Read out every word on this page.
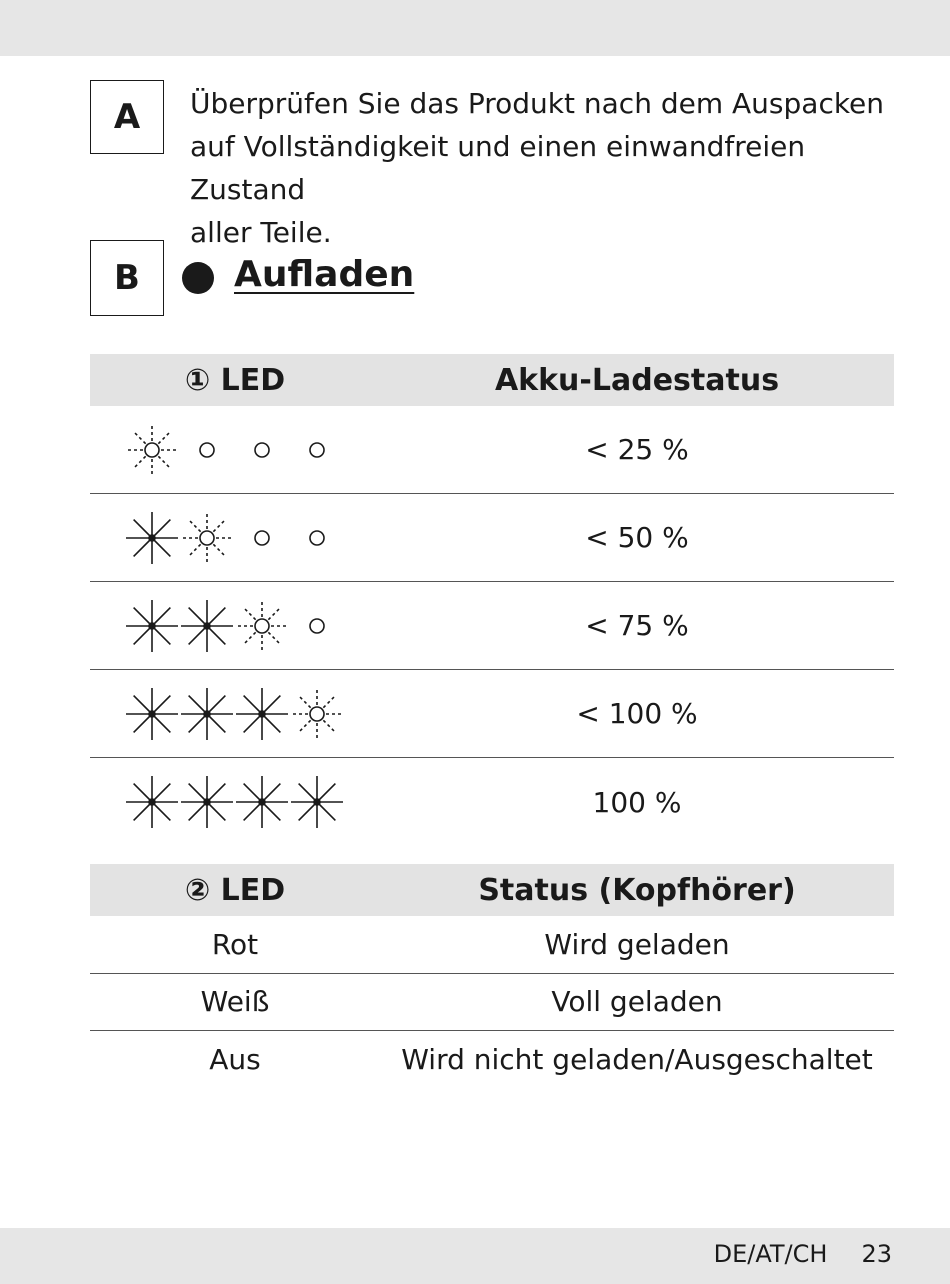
A Überprüfen Sie das Produkt nach dem Auspacken
auf Vollständigkeit und einen einwandfreien Zustand
aller Teile.
B	Aufladen
① LED	Akku-Ladestatus
< 25 %
< 50 %
< 75 %
< 100 %
100 %
② LED	Status (Kopfhörer)
Rot	Wird geladen
Weiß	Voll geladen
Aus	Wird nicht geladen/Ausgeschaltet
DE/AT/CH 23
